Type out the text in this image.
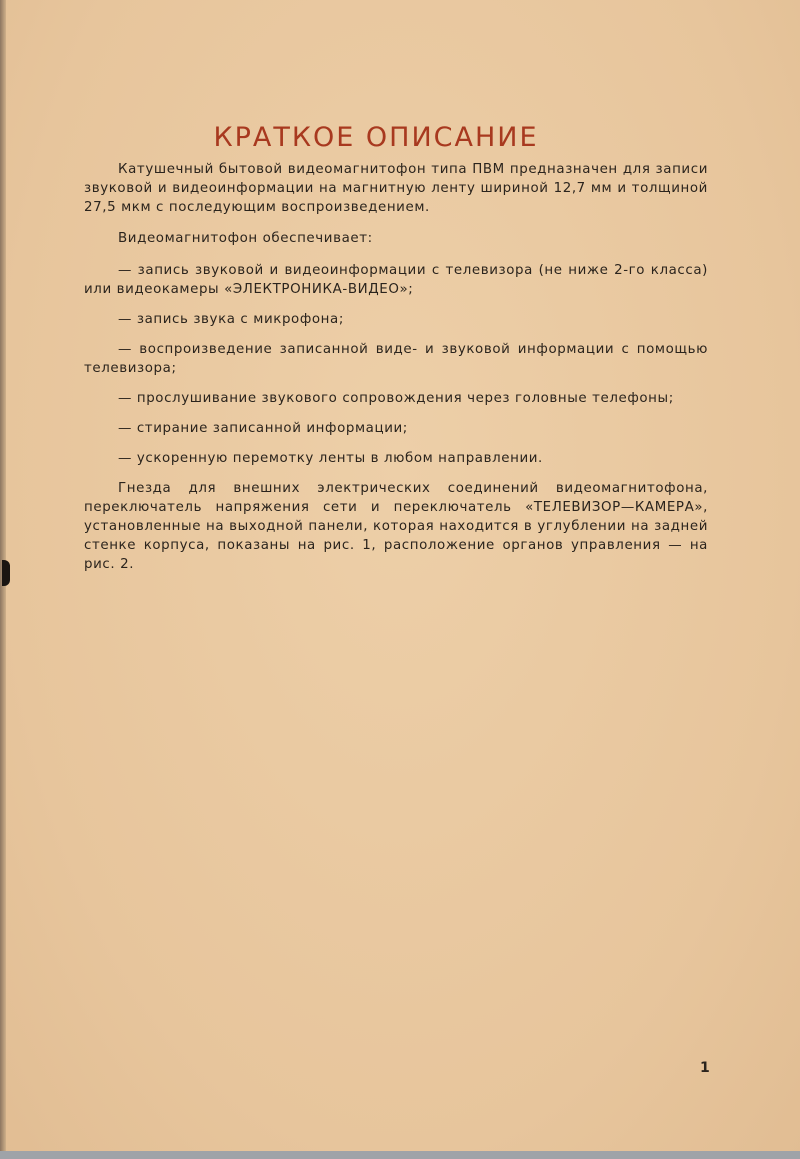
КРАТКОЕ ОПИСАНИЕ

Катушечный бытовой видеомагнитофон типа ПВМ предназначен для записи звуковой и видеоинформации на магнитную ленту шириной 12,7 мм и толщиной 27,5 мкм с последующим воспроизведением.

Видеомагнитофон обеспечивает:

— запись звуковой и видеоинформации с телевизора (не ниже 2-го класса) или видеокамеры «ЭЛЕКТРОНИКА-ВИДЕО»;

— запись звука с микрофона;

— воспроизведение записанной виде- и звуковой информации с помощью телевизора;

— прослушивание звукового сопровождения через головные телефоны;

— стирание записанной информации;

— ускоренную перемотку ленты в любом направлении.

Гнезда для внешних электрических соединений видеомагнитофона, переключатель напряжения сети и переключатель «ТЕЛЕВИЗОР—КАМЕРА», установленные на выходной панели, которая находится в углублении на задней стенке корпуса, показаны на рис. 1, расположение органов управления — на рис. 2.

1
